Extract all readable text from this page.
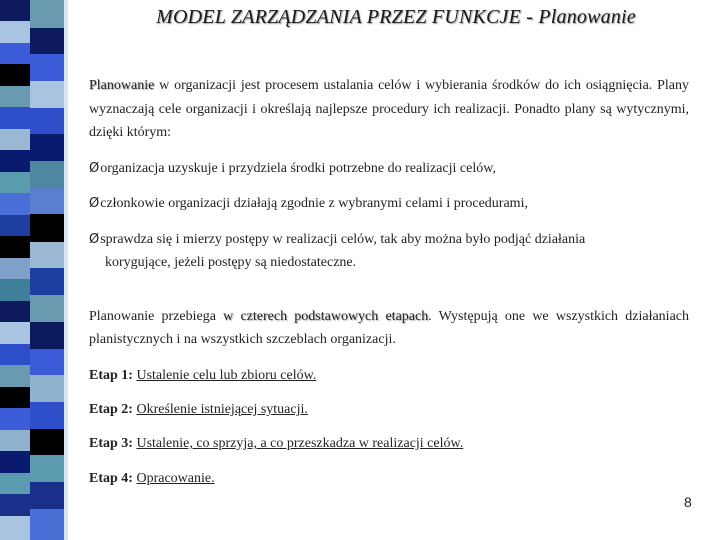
MODEL ZARZĄDZANIA PRZEZ FUNKCJE - Planowanie
Planowanie w organizacji jest procesem ustalania celów i wybierania środków do ich osiągnięcia. Plany wyznaczają cele organizacji i określają najlepsze procedury ich realizacji. Ponadto plany są wytycznymi, dzięki którym:
Øorganizacja uzyskuje i przydziela środki potrzebne do realizacji celów,
Øczłonkowie organizacji działają zgodnie z wybranymi celami i procedurami,
Øsprawdza się i mierzy postępy w realizacji celów, tak aby można było podjąć działania
korygujące, jeżeli postępy są niedostateczne.
Planowanie przebiega w czterech podstawowych etapach. Występują one we wszystkich działaniach planistycznych i na wszystkich szczeblach organizacji.
Etap 1: Ustalenie celu lub zbioru celów.
Etap 2: Określenie istniejącej sytuacji.
Etap 3: Ustalenie, co sprzyja, a co przeszkadza w realizacji celów.
Etap 4: Opracowanie.
8
